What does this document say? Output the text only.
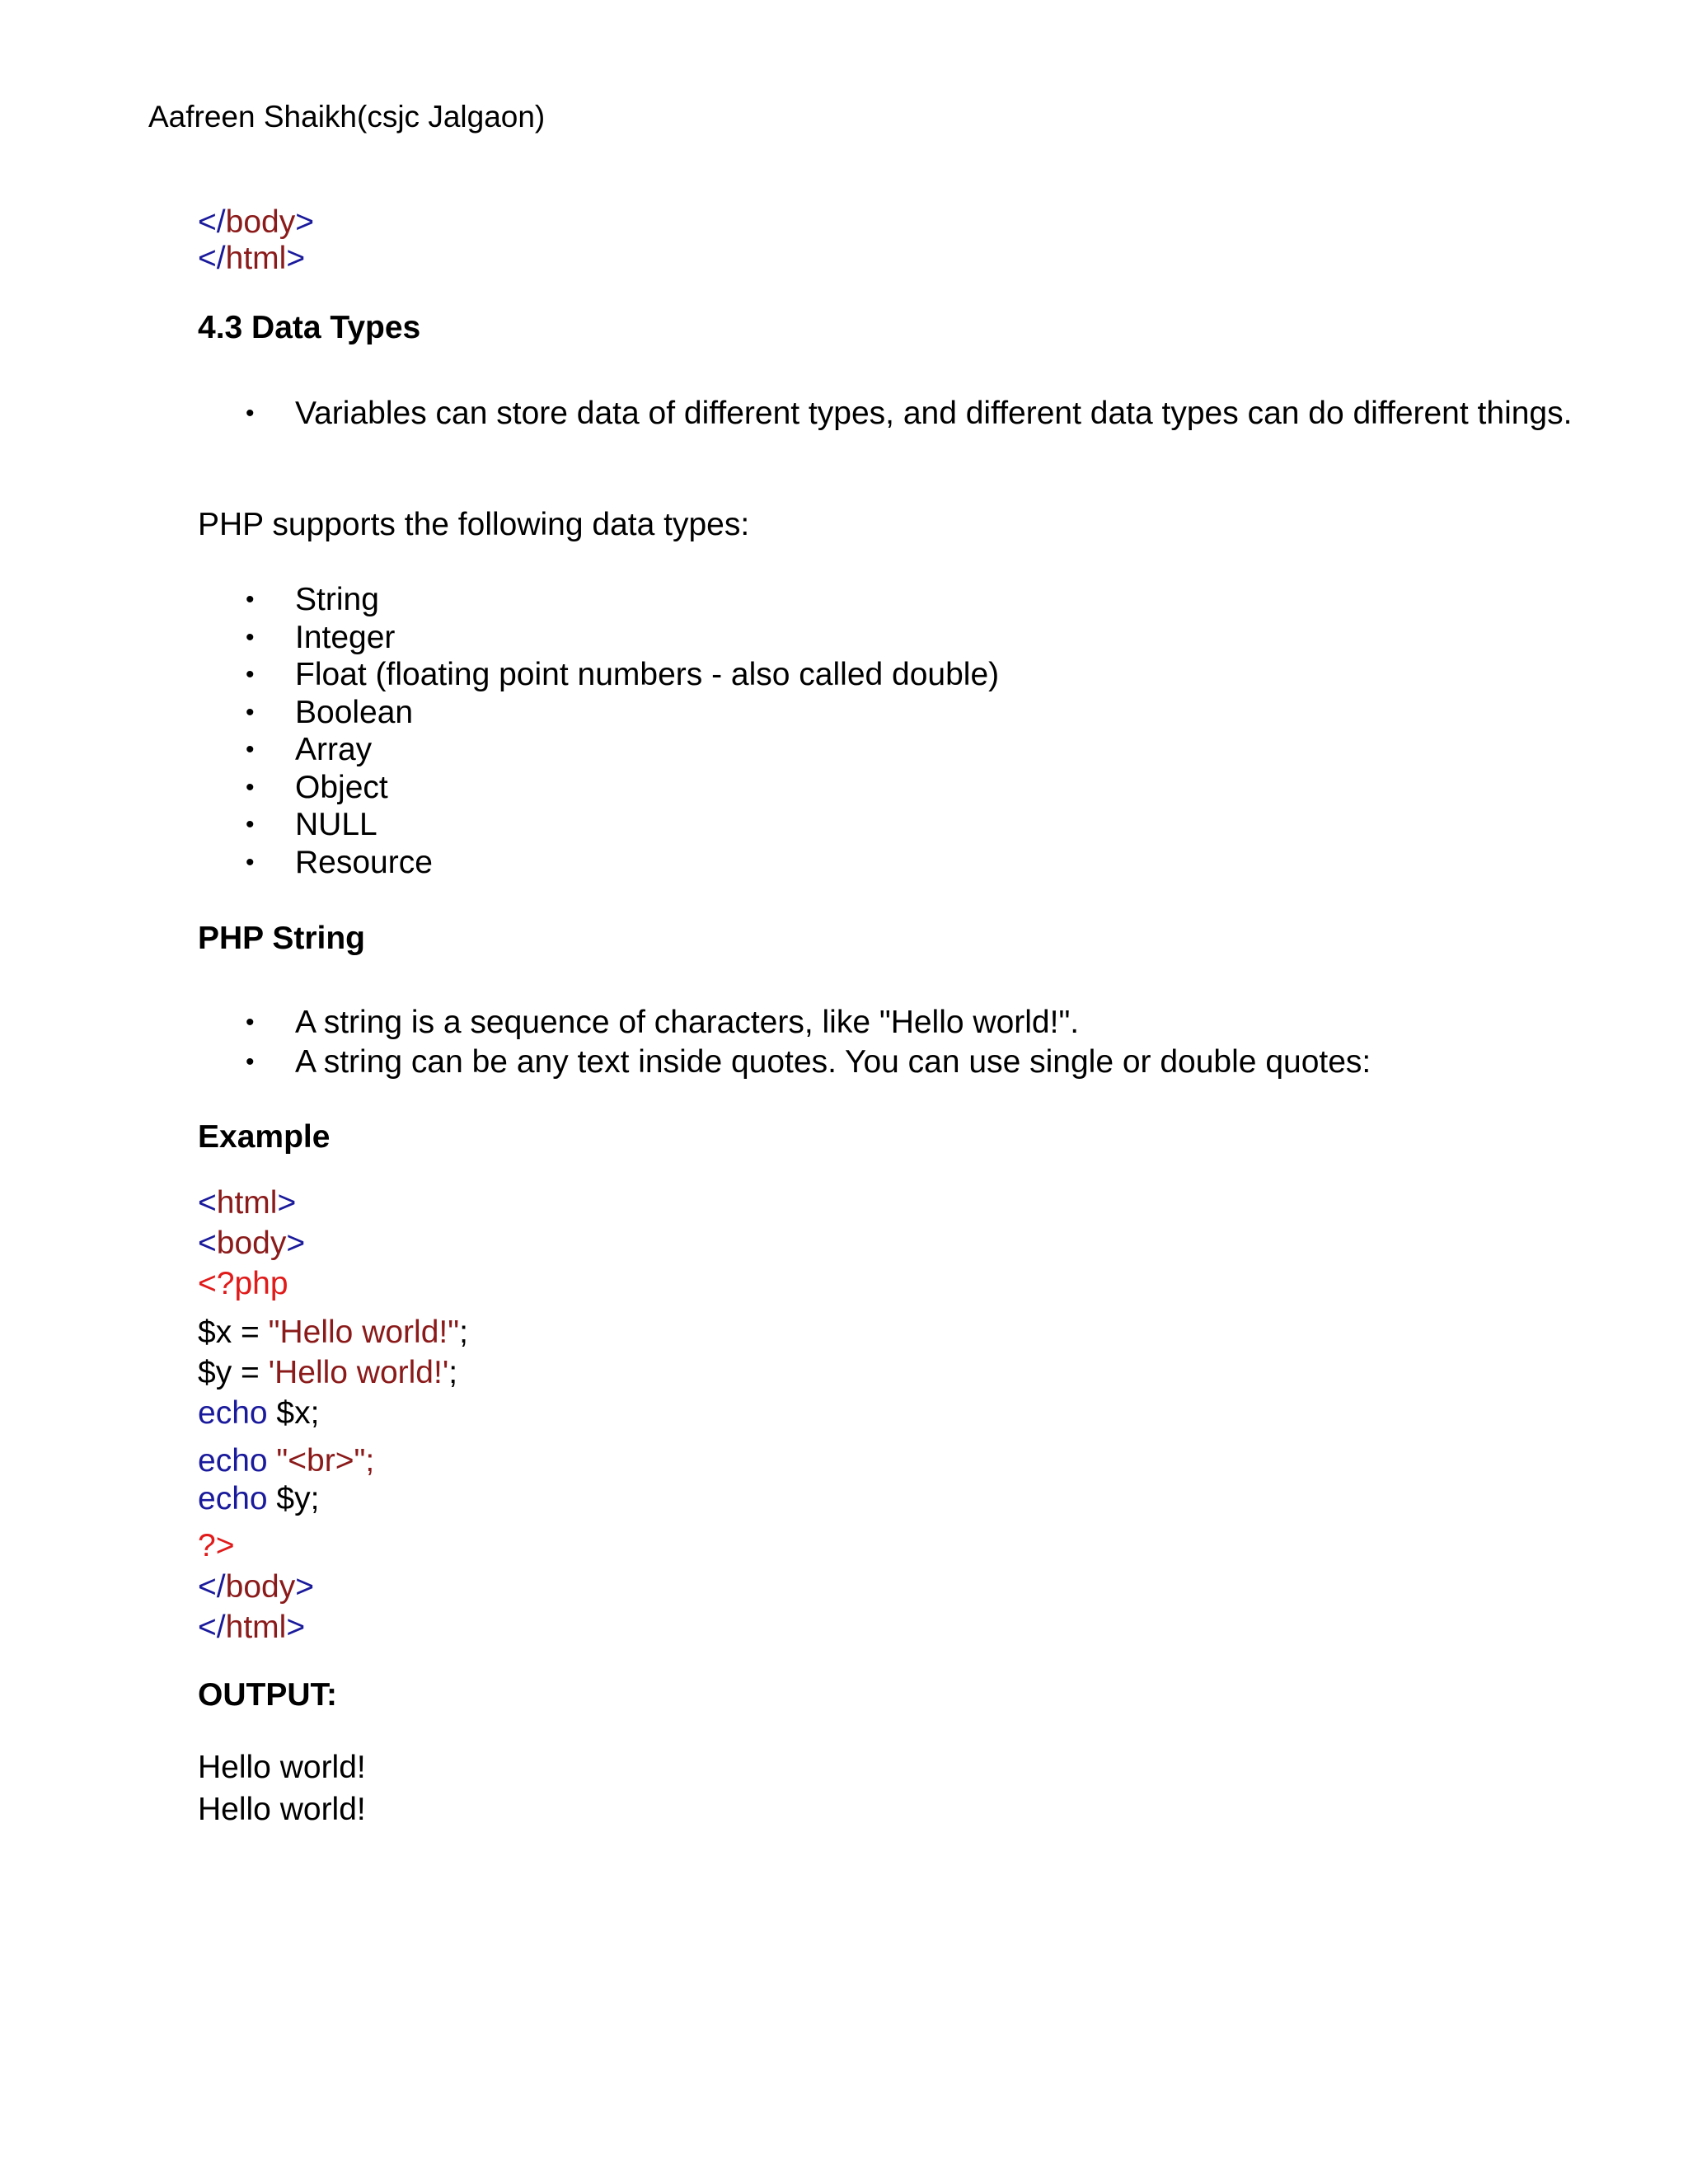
Aafreen Shaikh(csjc Jalgaon)
</body>
</html>
4.3 Data Types
• Variables can store data of different types, and different data types can do different things.
PHP supports the following data types:
• String
• Integer
• Float (floating point numbers - also called double)
• Boolean
• Array
• Object
• NULL
• Resource
PHP String
• A string is a sequence of characters, like "Hello world!".
• A string can be any text inside quotes. You can use single or double quotes:
Example
<html>
<body>
<?php
$x = "Hello world!";
$y = 'Hello world!';
echo $x;
echo "<br>";
echo $y;
?>
</body>
</html>
OUTPUT:
Hello world!
Hello world!
